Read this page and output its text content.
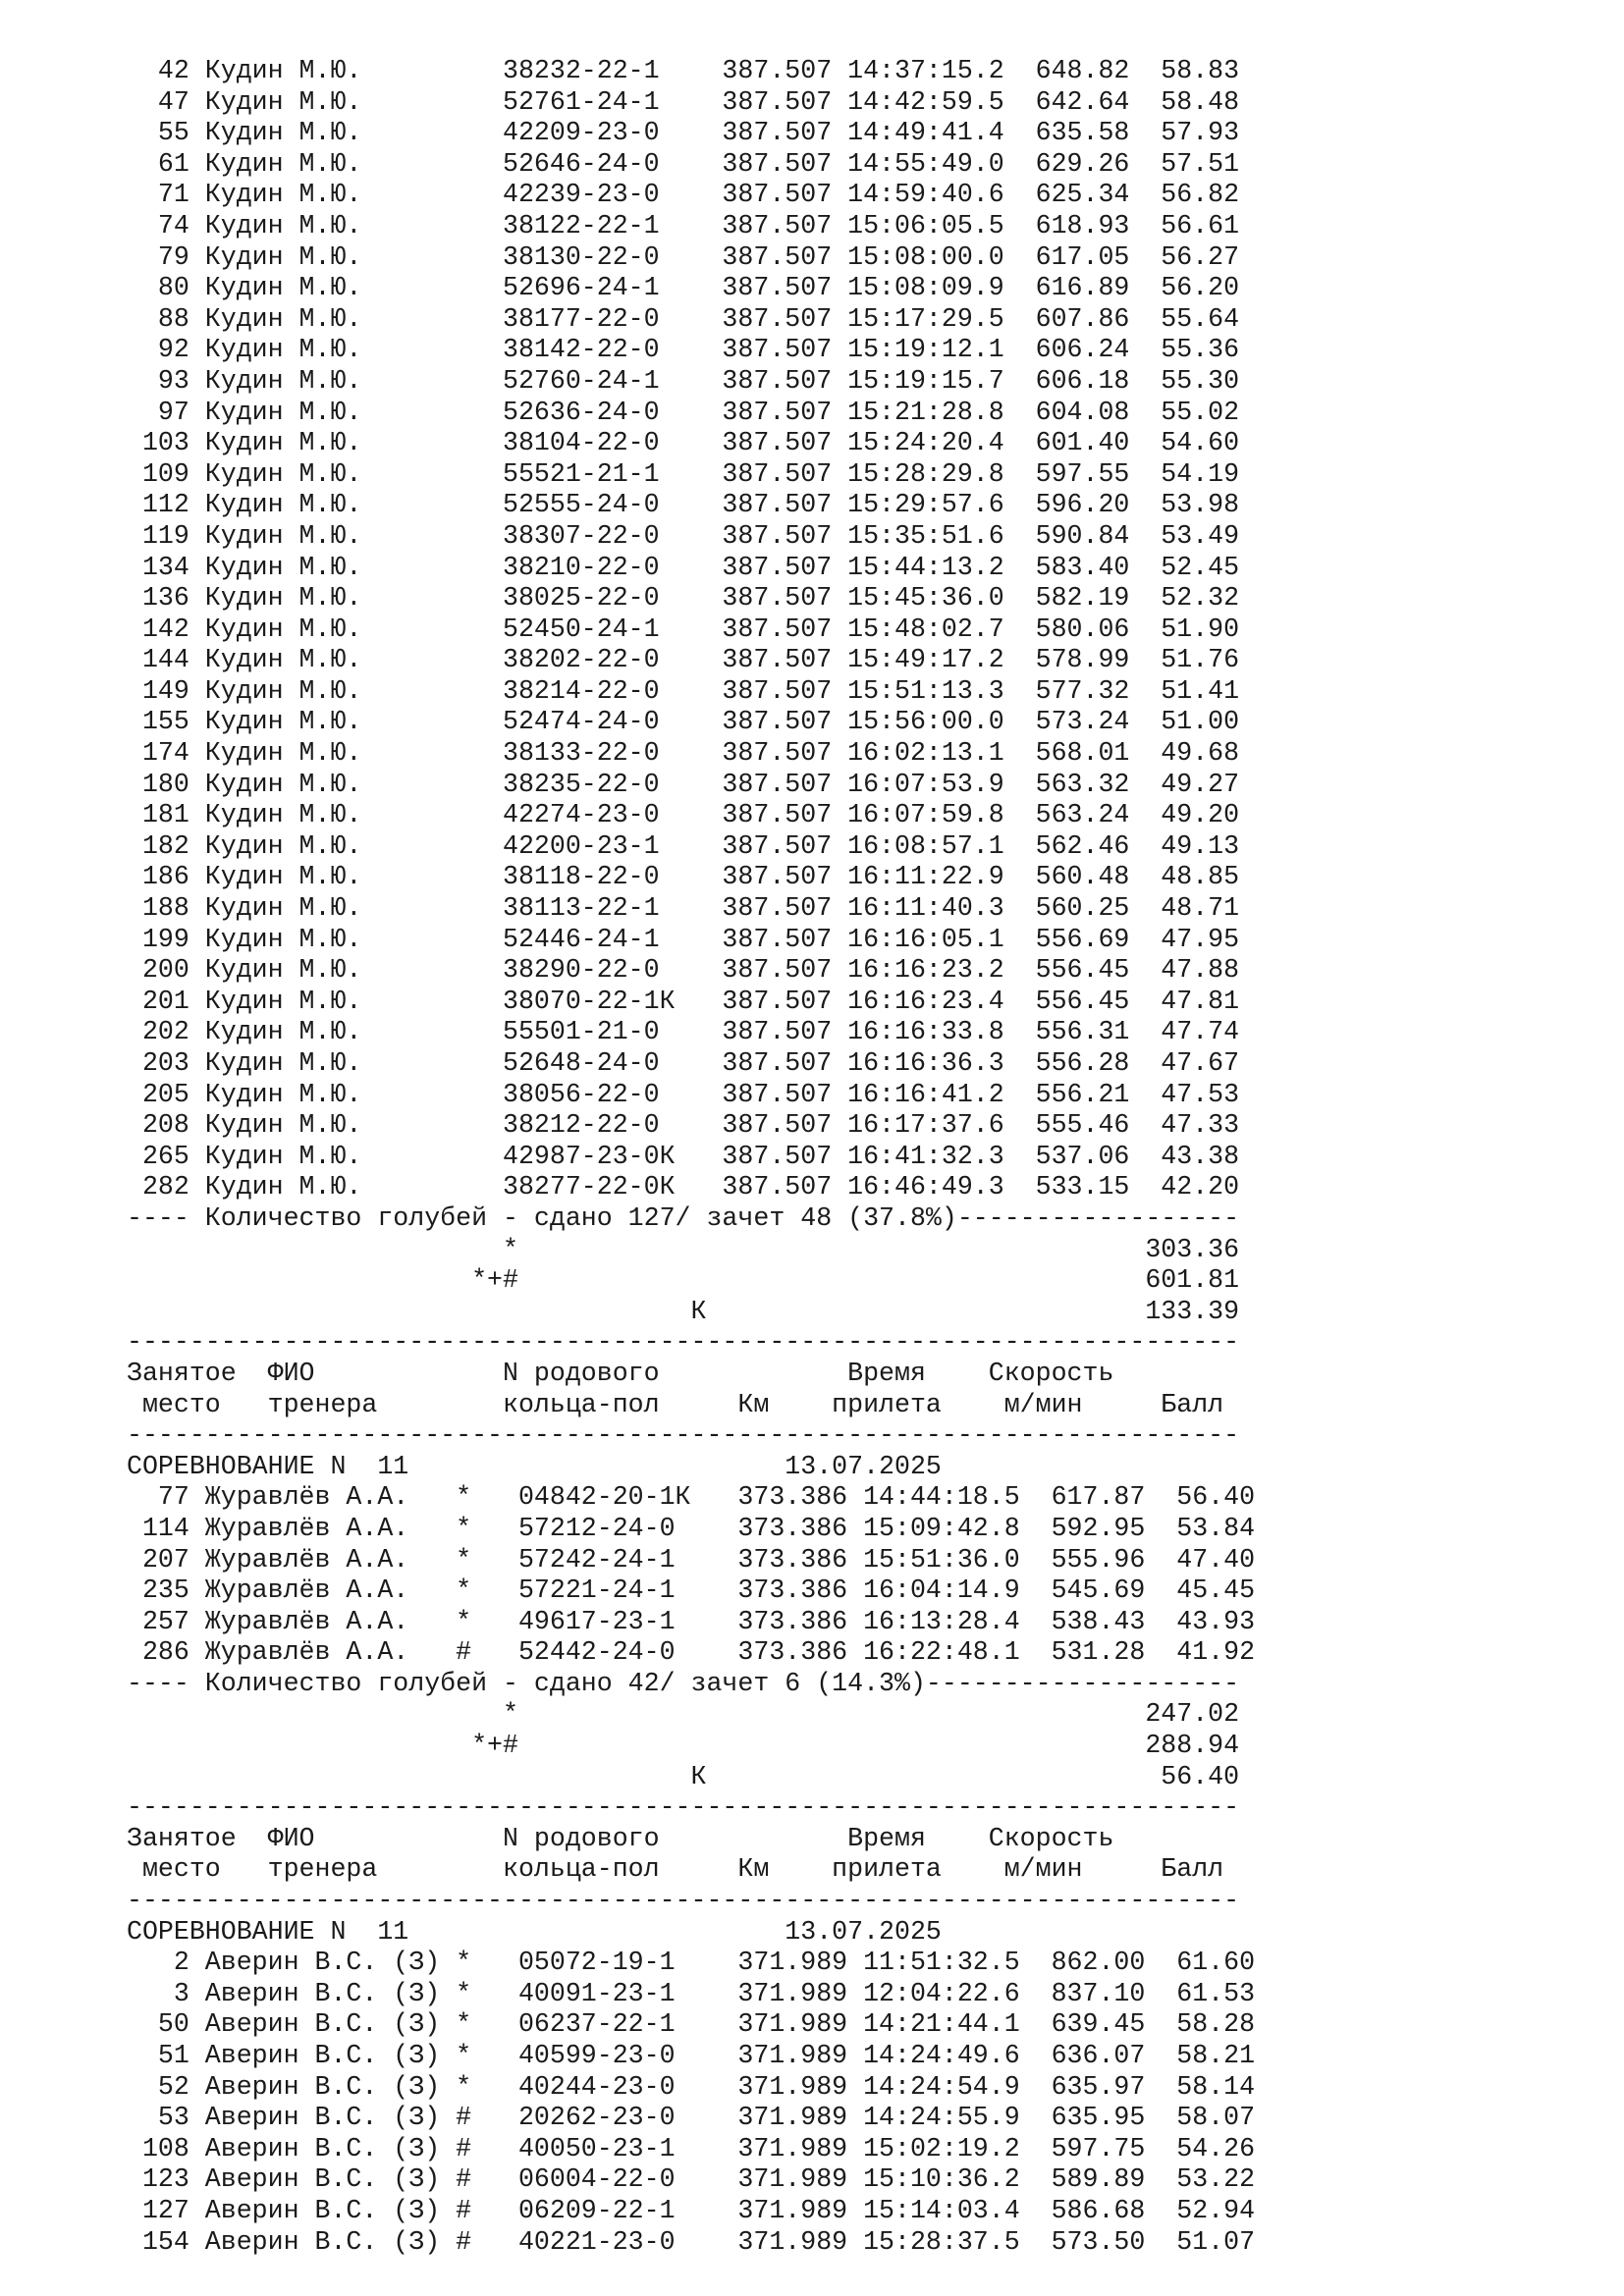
42 Кудин М.Ю.         38232-22-1    387.507 14:37:15.2  648.82  58.83
47 Кудин М.Ю.         52761-24-1    387.507 14:42:59.5  642.64  58.48
55 Кудин М.Ю.         42209-23-0    387.507 14:49:41.4  635.58  57.93
61 Кудин М.Ю.         52646-24-0    387.507 14:55:49.0  629.26  57.51
71 Кудин М.Ю.         42239-23-0    387.507 14:59:40.6  625.34  56.82
74 Кудин М.Ю.         38122-22-1    387.507 15:06:05.5  618.93  56.61
79 Кудин М.Ю.         38130-22-0    387.507 15:08:00.0  617.05  56.27
80 Кудин М.Ю.         52696-24-1    387.507 15:08:09.9  616.89  56.20
88 Кудин М.Ю.         38177-22-0    387.507 15:17:29.5  607.86  55.64
92 Кудин М.Ю.         38142-22-0    387.507 15:19:12.1  606.24  55.36
93 Кудин М.Ю.         52760-24-1    387.507 15:19:15.7  606.18  55.30
97 Кудин М.Ю.         52636-24-0    387.507 15:21:28.8  604.08  55.02
103 Кудин М.Ю.         38104-22-0    387.507 15:24:20.4  601.40  54.60
109 Кудин М.Ю.         55521-21-1    387.507 15:28:29.8  597.55  54.19
112 Кудин М.Ю.         52555-24-0    387.507 15:29:57.6  596.20  53.98
119 Кудин М.Ю.         38307-22-0    387.507 15:35:51.6  590.84  53.49
134 Кудин М.Ю.         38210-22-0    387.507 15:44:13.2  583.40  52.45
136 Кудин М.Ю.         38025-22-0    387.507 15:45:36.0  582.19  52.32
142 Кудин М.Ю.         52450-24-1    387.507 15:48:02.7  580.06  51.90
144 Кудин М.Ю.         38202-22-0    387.507 15:49:17.2  578.99  51.76
149 Кудин М.Ю.         38214-22-0    387.507 15:51:13.3  577.32  51.41
155 Кудин М.Ю.         52474-24-0    387.507 15:56:00.0  573.24  51.00
174 Кудин М.Ю.         38133-22-0    387.507 16:02:13.1  568.01  49.68
180 Кудин М.Ю.         38235-22-0    387.507 16:07:53.9  563.32  49.27
181 Кудин М.Ю.         42274-23-0    387.507 16:07:59.8  563.24  49.20
182 Кудин М.Ю.         42200-23-1    387.507 16:08:57.1  562.46  49.13
186 Кудин М.Ю.         38118-22-0    387.507 16:11:22.9  560.48  48.85
188 Кудин М.Ю.         38113-22-1    387.507 16:11:40.3  560.25  48.71
199 Кудин М.Ю.         52446-24-1    387.507 16:16:05.1  556.69  47.95
200 Кудин М.Ю.         38290-22-0    387.507 16:16:23.2  556.45  47.88
201 Кудин М.Ю.         38070-22-1К   387.507 16:16:23.4  556.45  47.81
202 Кудин М.Ю.         55501-21-0    387.507 16:16:33.8  556.31  47.74
203 Кудин М.Ю.         52648-24-0    387.507 16:16:36.3  556.28  47.67
205 Кудин М.Ю.         38056-22-0    387.507 16:16:41.2  556.21  47.53
208 Кудин М.Ю.         38212-22-0    387.507 16:17:37.6  555.46  47.33
265 Кудин М.Ю.         42987-23-0К   387.507 16:41:32.3  537.06  43.38
282 Кудин М.Ю.         38277-22-0К   387.507 16:46:49.3  533.15  42.20
---- Количество голубей - сдано 127/ зачет 48 (37.8%)------------------
*                                        303.36
*+#                                        601.81
К                            133.39
-----------------------------------------------------------------------
Занятое  ФИО            N родового            Время    Скорость
место   тренера        кольца-пол     Км    прилета    м/мин     Балл
-----------------------------------------------------------------------
СОРЕВНОВАНИЕ N  11                        13.07.2025
77 Журавлёв А.А.   *   04842-20-1К   373.386 14:44:18.5  617.87  56.40
114 Журавлёв А.А.   *   57212-24-0    373.386 15:09:42.8  592.95  53.84
207 Журавлёв А.А.   *   57242-24-1    373.386 15:51:36.0  555.96  47.40
235 Журавлёв А.А.   *   57221-24-1    373.386 16:04:14.9  545.69  45.45
257 Журавлёв А.А.   *   49617-23-1    373.386 16:13:28.4  538.43  43.93
286 Журавлёв А.А.   #   52442-24-0    373.386 16:22:48.1  531.28  41.92
---- Количество голубей - сдано 42/ зачет 6 (14.3%)--------------------
*                                        247.02
*+#                                        288.94
К                             56.40
-----------------------------------------------------------------------
Занятое  ФИО            N родового            Время    Скорость
место   тренера        кольца-пол     Км    прилета    м/мин     Балл
-----------------------------------------------------------------------
СОРЕВНОВАНИЕ N  11                        13.07.2025
2 Аверин В.С. (З) *   05072-19-1    371.989 11:51:32.5  862.00  61.60
3 Аверин В.С. (З) *   40091-23-1    371.989 12:04:22.6  837.10  61.53
50 Аверин В.С. (З) *   06237-22-1    371.989 14:21:44.1  639.45  58.28
51 Аверин В.С. (З) *   40599-23-0    371.989 14:24:49.6  636.07  58.21
52 Аверин В.С. (З) *   40244-23-0    371.989 14:24:54.9  635.97  58.14
53 Аверин В.С. (З) #   20262-23-0    371.989 14:24:55.9  635.95  58.07
108 Аверин В.С. (З) #   40050-23-1    371.989 15:02:19.2  597.75  54.26
123 Аверин В.С. (З) #   06004-22-0    371.989 15:10:36.2  589.89  53.22
127 Аверин В.С. (З) #   06209-22-1    371.989 15:14:03.4  586.68  52.94
154 Аверин В.С. (З) #   40221-23-0    371.989 15:28:37.5  573.50  51.07
